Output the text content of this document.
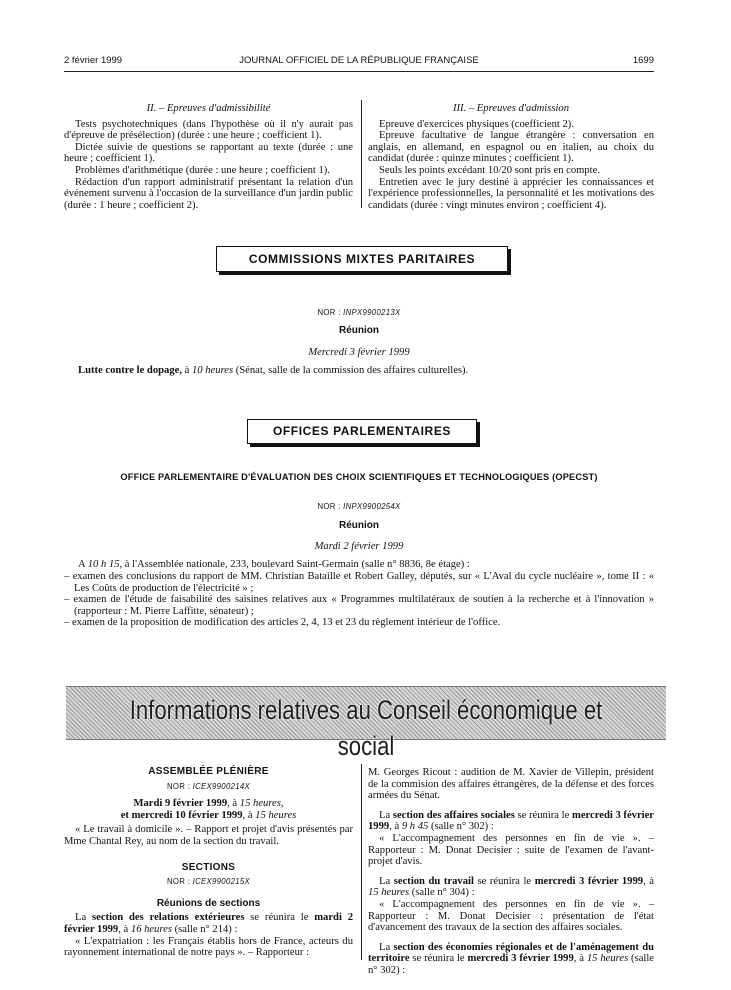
2 février 1999	JOURNAL OFFICIEL DE LA RÉPUBLIQUE FRANÇAISE	1699
II. – Epreuves d'admissibilité

Tests psychotechniques (dans l'hypothèse où il n'y aurait pas d'épreuve de présélection) (durée : une heure ; coefficient 1).

Dictée suivie de questions se rapportant au texte (durée : une heure ; coefficient 1).

Problèmes d'arithmétique (durée : une heure ; coefficient 1).

Rédaction d'un rapport administratif présentant la relation d'un événement survenu à l'occasion de la surveillance d'un jardin public (durée : 1 heure ; coefficient 2).

III. – Epreuves d'admission

Epreuve d'exercices physiques (coefficient 2).

Epreuve facultative de langue étrangère : conversation en anglais, en allemand, en espagnol ou en italien, au choix du candidat (durée : quinze minutes ; coefficient 1).

Seuls les points excédant 10/20 sont pris en compte.

Entretien avec le jury destiné à apprécier les connaissances et l'expérience professionnelles, la personnalité et les motivations des candidats (durée : vingt minutes environ ; coefficient 4).

COMMISSIONS MIXTES PARITAIRES
NOR : INPX9900213X
Réunion
Mercredi 3 février 1999
Lutte contre le dopage, à 10 heures (Sénat, salle de la commission des affaires culturelles).
OFFICES PARLEMENTAIRES
OFFICE PARLEMENTAIRE D'ÉVALUATION DES CHOIX SCIENTIFIQUES ET TECHNOLOGIQUES (OPECST)
NOR : INPX9900254X
Réunion
Mardi 2 février 1999

A 10 h 15, à l'Assemblée nationale, 233, boulevard Saint-Germain (salle n° 8836, 8e étage) :

– examen des conclusions du rapport de MM. Christian Bataille et Robert Galley, députés, sur « L'Aval du cycle nucléaire », tome II : « Les Coûts de production de l'électricité » ;

– examen de l'étude de faisabilité des saisines relatives aux « Programmes multilatéraux de soutien à la recherche et à l'innovation » (rapporteur : M. Pierre Laffitte, sénateur) ;

– examen de la proposition de modification des articles 2, 4, 13 et 23 du règlement intérieur de l'office.

Informations relatives au Conseil économique et social
ASSEMBLÉE PLÉNIÈRE
NOR : ICEX9900214X
Mardi 9 février 1999, à 15 heures,
et mercredi 10 février 1999, à 15 heures

« Le travail à domicile ». – Rapport et projet d'avis présentés par Mme Chantal Rey, au nom de la section du travail.

SECTIONS
NOR : ICEX9900215X
Réunions de sections

La section des relations extérieures se réunira le mardi 2 février 1999, à 16 heures (salle n° 214) :

« L'expatriation : les Français établis hors de France, acteurs du rayonnement international de notre pays ». – Rapporteur :

M. Georges Ricout : audition de M. Xavier de Villepin, président de la commision des affaires étrangères, de la défense et des forces armées du Sénat.

La section des affaires sociales se réunira le mercredi 3 février 1999, à 9 h 45 (salle n° 302) :

« L'accompagnement des personnes en fin de vie ». – Rapporteur : M. Donat Decisier : suite de l'examen de l'avant-projet d'avis.

La section du travail se réunira le mercredi 3 février 1999, à 15 heures (salle n° 304) :

« L'accompagnement des personnes en fin de vie ». – Rapporteur : M. Donat Decisier : présentation de l'état d'avancement des travaux de la section des affaires sociales.

La section des économies régionales et de l'aménagement du territoire se réunira le mercredi 3 février 1999, à 15 heures (salle n° 302) :
